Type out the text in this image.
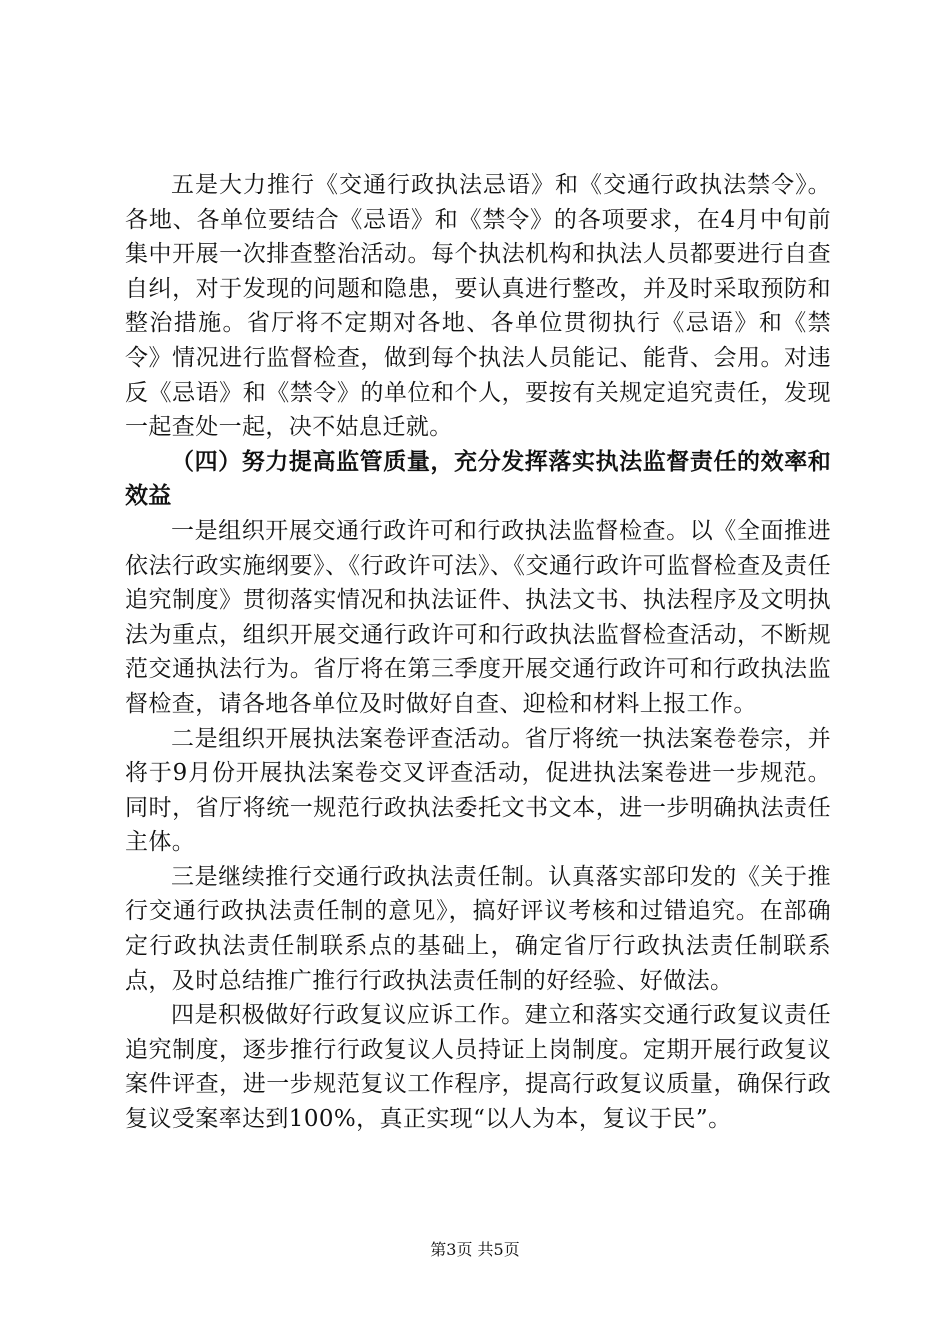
五是大力推行《交通行政执法忌语》和《交通行政执法禁令》。各地、各单位要结合《忌语》和《禁令》的各项要求，在4月中旬前集中开展一次排查整治活动。每个执法机构和执法人员都要进行自查自纠，对于发现的问题和隐患，要认真进行整改，并及时采取预防和整治措施。省厅将不定期对各地、各单位贯彻执行《忌语》和《禁令》情况进行监督检查，做到每个执法人员能记、能背、会用。对违反《忌语》和《禁令》的单位和个人，要按有关规定追究责任，发现一起查处一起，决不姑息迁就。

（四）努力提高监管质量，充分发挥落实执法监督责任的效率和效益

一是组织开展交通行政许可和行政执法监督检查。以《全面推进依法行政实施纲要》、《行政许可法》、《交通行政许可监督检查及责任追究制度》贯彻落实情况和执法证件、执法文书、执法程序及文明执法为重点，组织开展交通行政许可和行政执法监督检查活动，不断规范交通执法行为。省厅将在第三季度开展交通行政许可和行政执法监督检查，请各地各单位及时做好自查、迎检和材料上报工作。

二是组织开展执法案卷评查活动。省厅将统一执法案卷卷宗，并将于9月份开展执法案卷交叉评查活动，促进执法案卷进一步规范。同时，省厅将统一规范行政执法委托文书文本，进一步明确执法责任主体。

三是继续推行交通行政执法责任制。认真落实部印发的《关于推行交通行政执法责任制的意见》，搞好评议考核和过错追究。在部确定行政执法责任制联系点的基础上，确定省厅行政执法责任制联系点，及时总结推广推行行政执法责任制的好经验、好做法。

四是积极做好行政复议应诉工作。建立和落实交通行政复议责任追究制度，逐步推行行政复议人员持证上岗制度。定期开展行政复议案件评查，进一步规范复议工作程序，提高行政复议质量，确保行政复议受案率达到100%，真正实现“以人为本，复议于民”。

第3页 共5页
